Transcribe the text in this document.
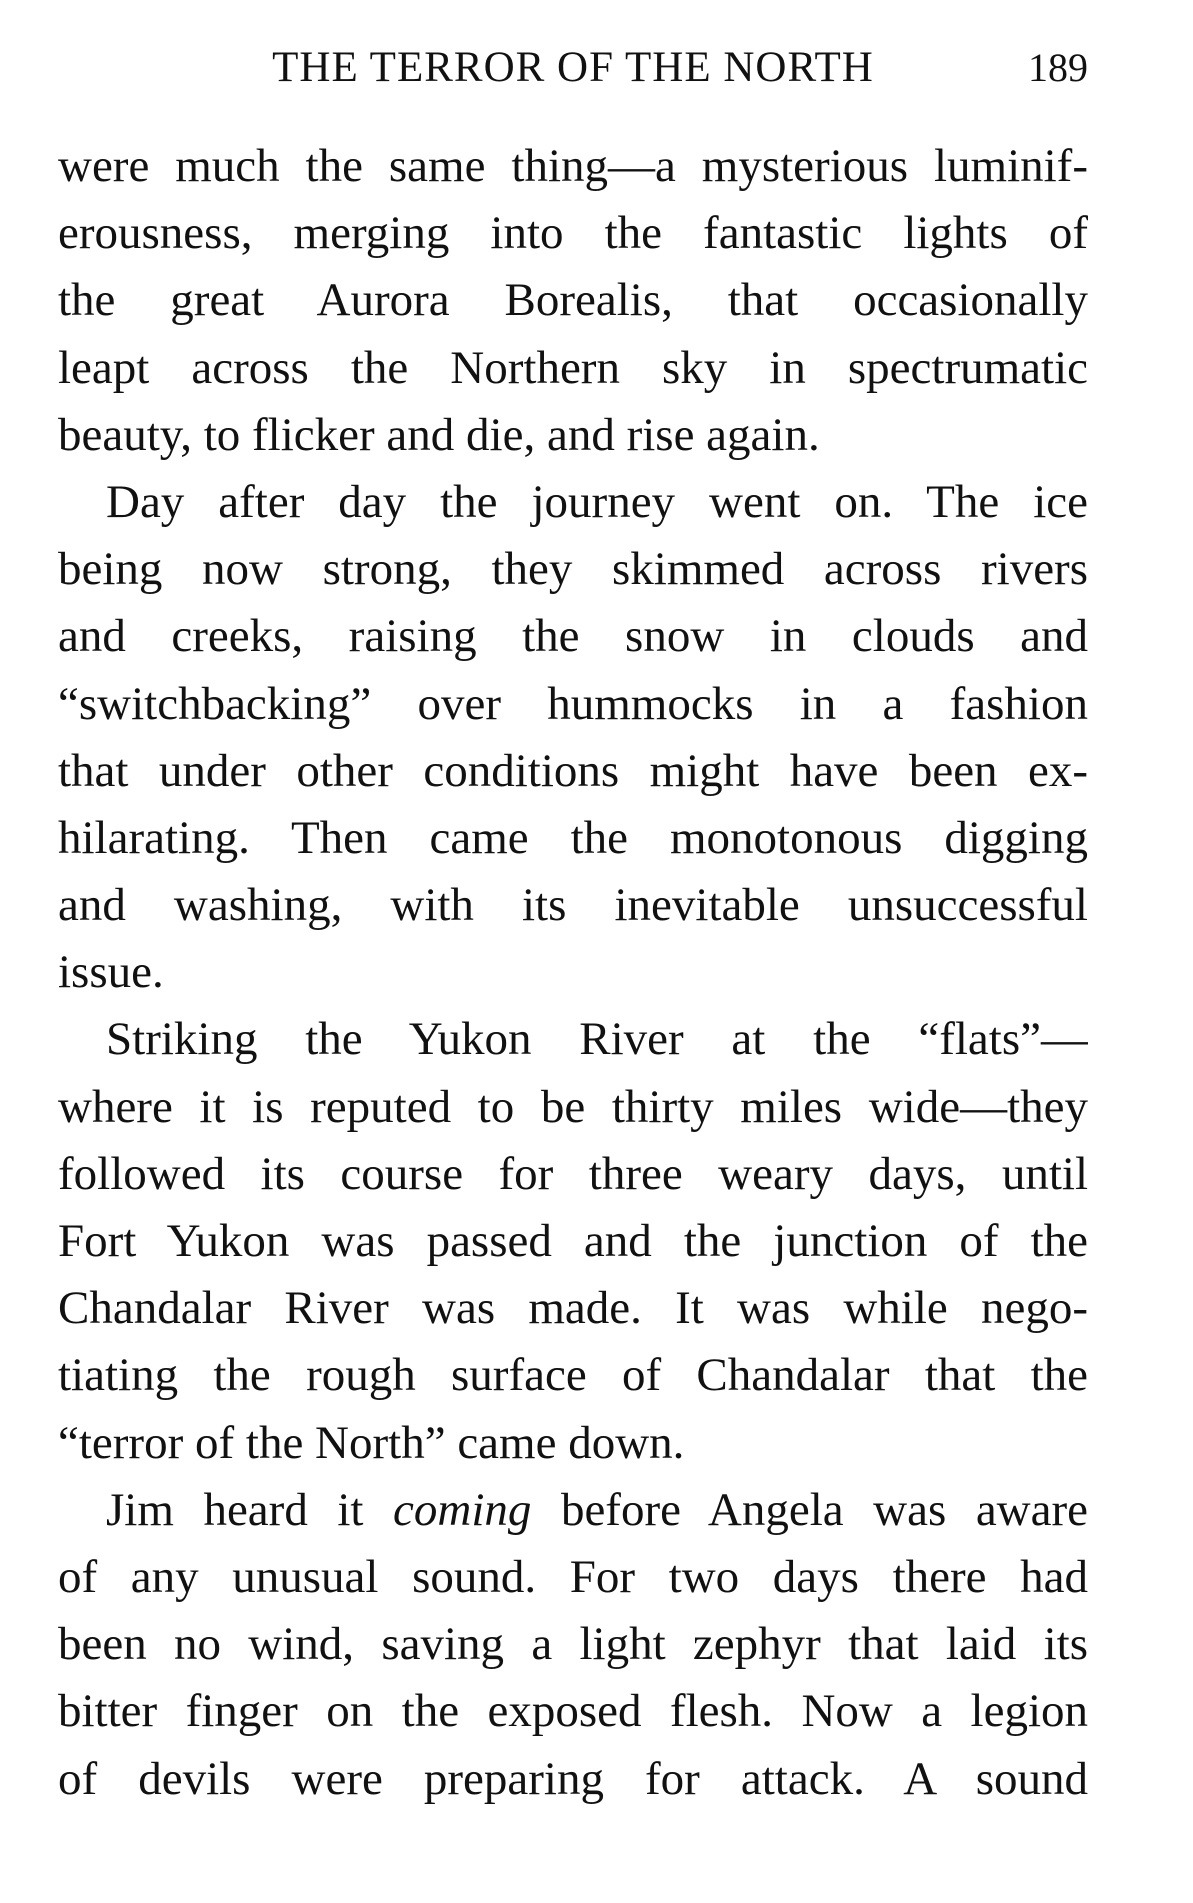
THE TERROR OF THE NORTH	189
were much the same thing—a mysterious luminif-
erousness, merging into the fantastic lights of
the great Aurora Borealis, that occasionally
leapt across the Northern sky in spectrumatic
beauty, to flicker and die, and rise again.
Day after day the journey went on. The ice
being now strong, they skimmed across rivers
and creeks, raising the snow in clouds and
“switchbacking” over hummocks in a fashion
that under other conditions might have been ex-
hilarating. Then came the monotonous digging
and washing, with its inevitable unsuccessful
issue.
Striking the Yukon River at the “flats”—
where it is reputed to be thirty miles wide—they
followed its course for three weary days, until
Fort Yukon was passed and the junction of the
Chandalar River was made. It was while nego-
tiating the rough surface of Chandalar that the
“terror of the North” came down.
Jim heard it coming before Angela was aware
of any unusual sound. For two days there had
been no wind, saving a light zephyr that laid its
bitter finger on the exposed flesh. Now a legion
of devils were preparing for attack. A sound
